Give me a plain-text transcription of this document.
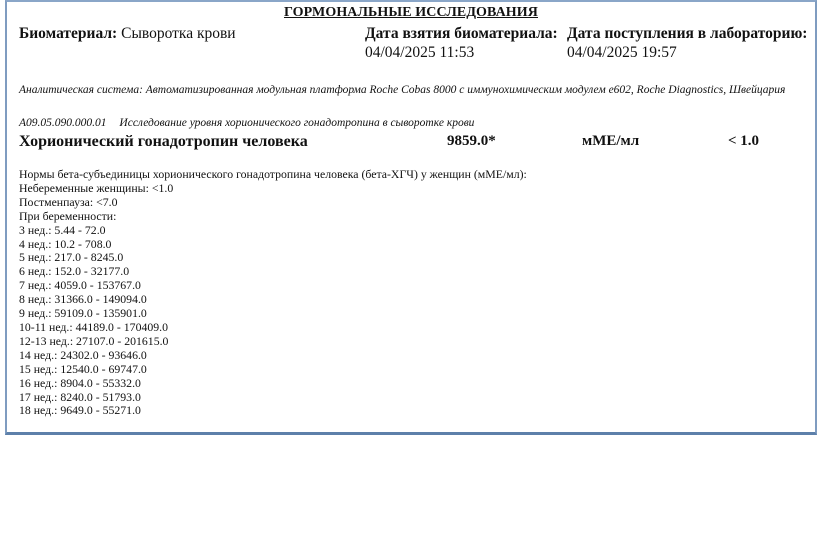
ГОРМОНАЛЬНЫЕ ИССЛЕДОВАНИЯ
Биоматериал: Сыворотка крови	Дата взятия биоматериала:
04/04/2025 11:53
Дата поступления в лабораторию:
04/04/2025 19:57
Аналитическая система: Автоматизированная модульная платформа Roche Cobas 8000 с иммунохимическим модулем e602, Roche Diagnostics, Швейцария
A09.05.090.000.01 Исследование уровня хорионического гонадотропина в сыворотке крови
Хорионический гонадотропин человека	9859.0*	мМЕ/мл	< 1.0
Нормы бета-субъединицы хорионического гонадотропина человека (бета-ХГЧ) у женщин (мМЕ/мл):
Небеременные женщины: <1.0
Постменпауза: <7.0
При беременности:
3 нед.: 5.44 - 72.0
4 нед.: 10.2 - 708.0
5 нед.: 217.0 - 8245.0
6 нед.: 152.0 - 32177.0
7 нед.: 4059.0 - 153767.0
8 нед.: 31366.0 - 149094.0
9 нед.: 59109.0 - 135901.0
10-11 нед.: 44189.0 - 170409.0
12-13 нед.: 27107.0 - 201615.0
14 нед.: 24302.0 - 93646.0
15 нед.: 12540.0 - 69747.0
16 нед.: 8904.0 - 55332.0
17 нед.: 8240.0 - 51793.0
18 нед.: 9649.0 - 55271.0
